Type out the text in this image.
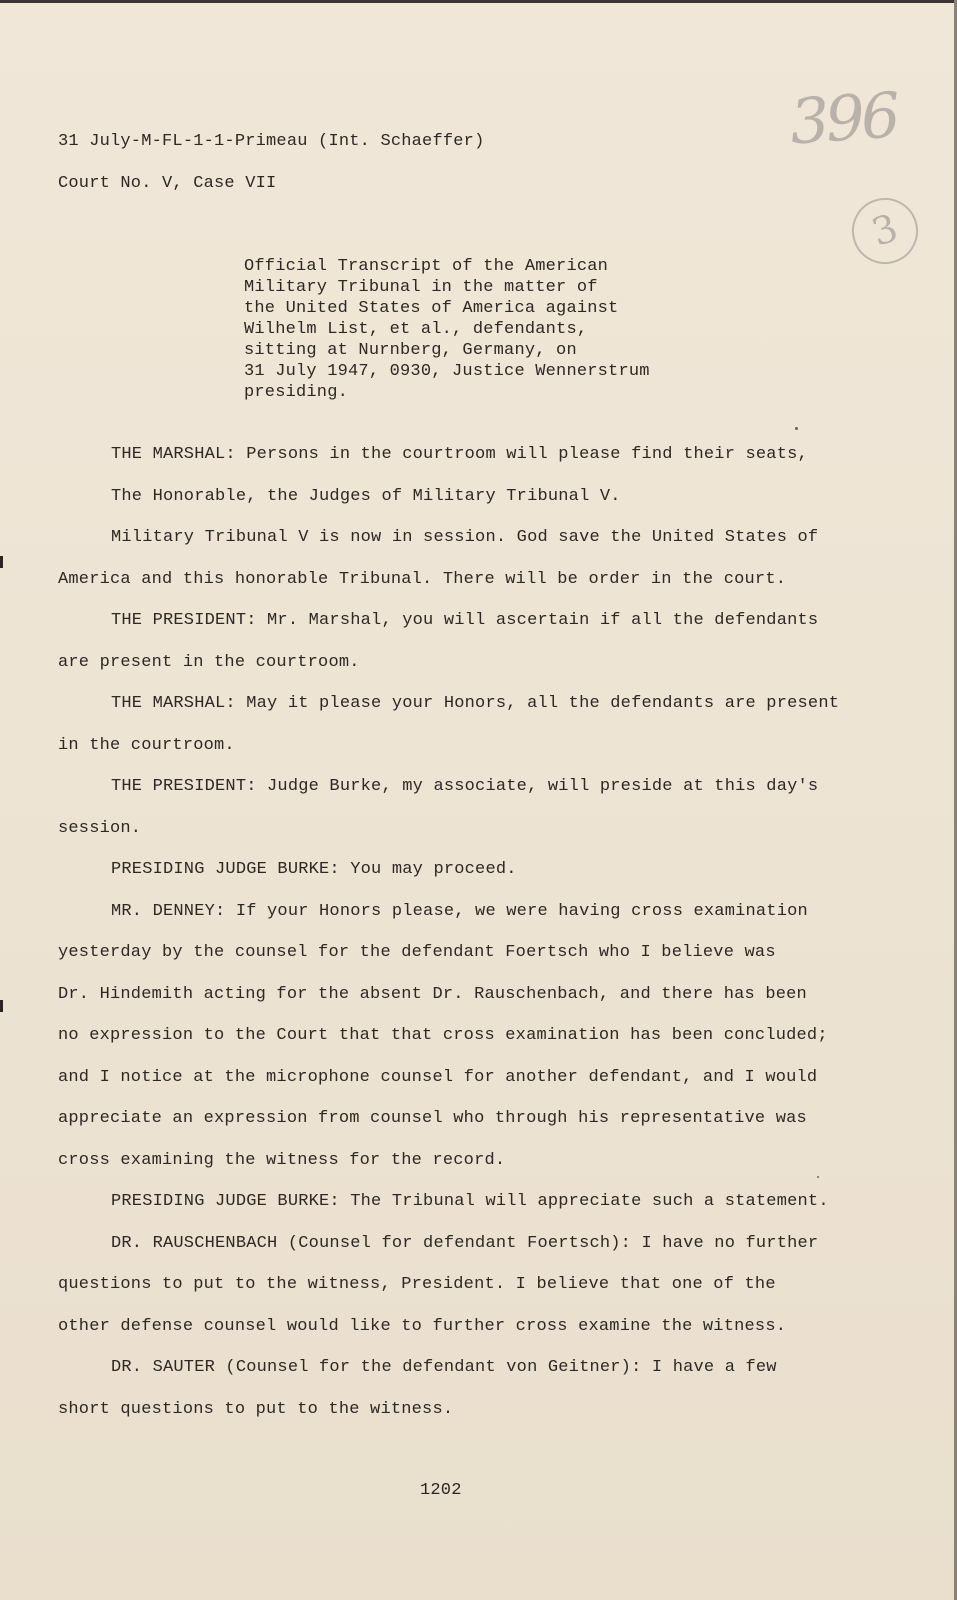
396
3
31 July-M-FL-1-1-Primeau (Int. Schaeffer)
Court No. V, Case VII
Official Transcript of the American
Military Tribunal in the matter of
the United States of America against
Wilhelm List, et al., defendants,
sitting at Nurnberg, Germany, on
31 July 1947, 0930, Justice Wennerstrum
presiding.
THE MARSHAL: Persons in the courtroom will please find their seats,
The Honorable, the Judges of Military Tribunal V.
Military Tribunal V is now in session. God save the United States of
America and this honorable Tribunal. There will be order in the court.
THE PRESIDENT: Mr. Marshal, you will ascertain if all the defendants
are present in the courtroom.
THE MARSHAL: May it please your Honors, all the defendants are present
in the courtroom.
THE PRESIDENT: Judge Burke, my associate, will preside at this day's
session.
PRESIDING JUDGE BURKE: You may proceed.
MR. DENNEY: If your Honors please, we were having cross examination
yesterday by the counsel for the defendant Foertsch who I believe was
Dr. Hindemith acting for the absent Dr. Rauschenbach, and there has been
no expression to the Court that that cross examination has been concluded;
and I notice at the microphone counsel for another defendant, and I would
appreciate an expression from counsel who through his representative was
cross examining the witness for the record.
PRESIDING JUDGE BURKE: The Tribunal will appreciate such a statement.
DR. RAUSCHENBACH (Counsel for defendant Foertsch): I have no further
questions to put to the witness, President. I believe that one of the
other defense counsel would like to further cross examine the witness.
DR. SAUTER (Counsel for the defendant von Geitner): I have a few
short questions to put to the witness.
1202
